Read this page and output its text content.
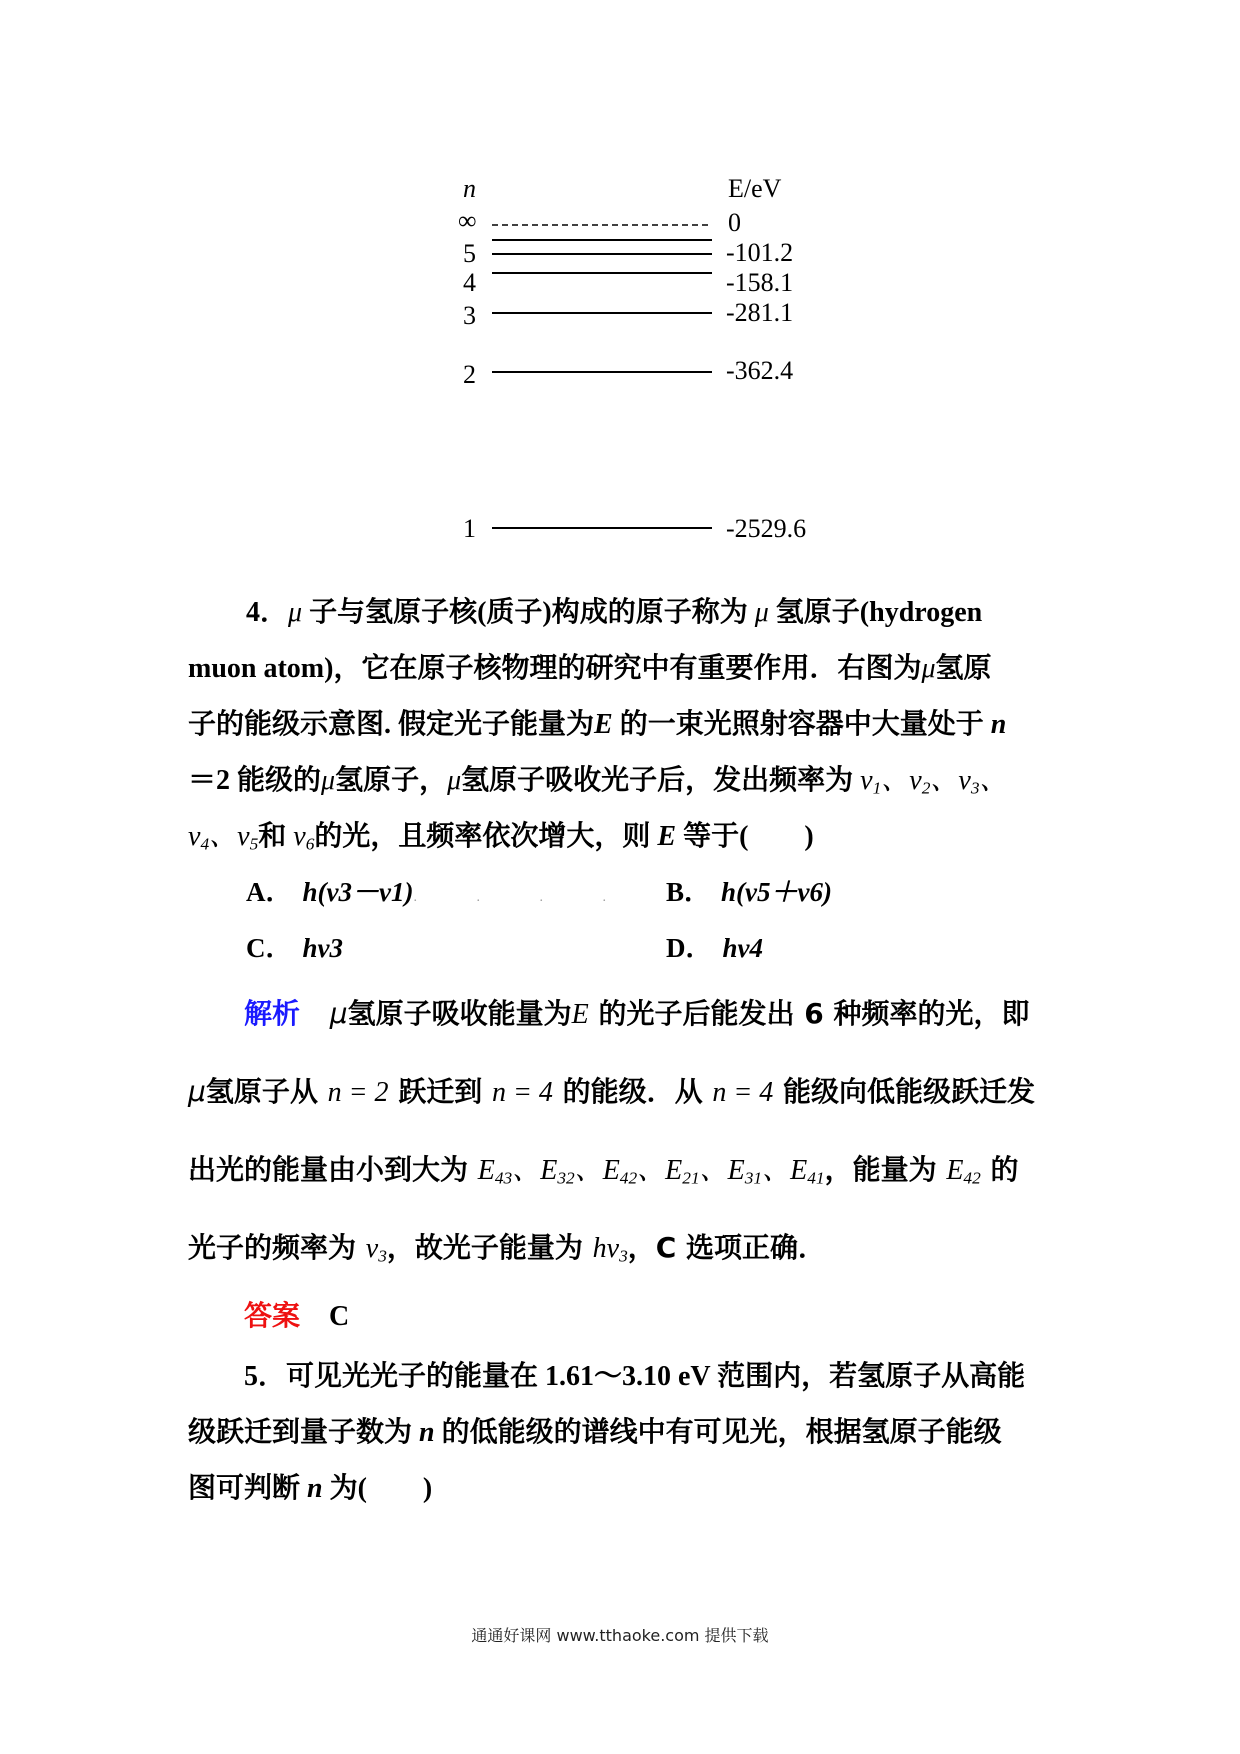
n	E/eV
∞	0
5	-101.2
4	-158.1
3	-281.1
2	-362.4
1	-2529.6
4．μ 子与氢原子核(质子)构成的原子称为 μ 氢原子(hydrogen
muon atom)，它在原子核物理的研究中有重要作用．右图为μ氢原
子的能级示意图. 假定光子能量为E 的一束光照射容器中大量处于 n
＝2 能级的μ氢原子，μ氢原子吸收光子后，发出频率为 $\nu_1$、$\nu_2$、$\nu_3$、
$\nu_4$、$\nu_5$和 $\nu_6$的光，且频率依次增大，则 E 等于(　　)
A． h(ν3－ν1). . . . B． h(ν5＋ν6)
C． hν3	D． hν4
解析 μ氢原子吸收能量为E 的光子后能发出 6 种频率的光，即
μ氢原子从 n = 2 跃迁到 n = 4 的能级．从 n = 4 能级向低能级跃迁发
出光的能量由小到大为 $E_{43}$、$E_{32}$、$E_{42}$、$E_{21}$、$E_{31}$、$E_{41}$，能量为 $E_{42}$ 的
光子的频率为 $\nu_3$，故光子能量为 $h\nu_3$，C 选项正确．
答案 C
5．可见光光子的能量在 1.61～3.10 eV 范围内，若氢原子从高能
级跃迁到量子数为 n 的低能级的谱线中有可见光，根据氢原子能级
图可判断 n 为(　　)
通通好课网 www.tthaoke.com 提供下载
